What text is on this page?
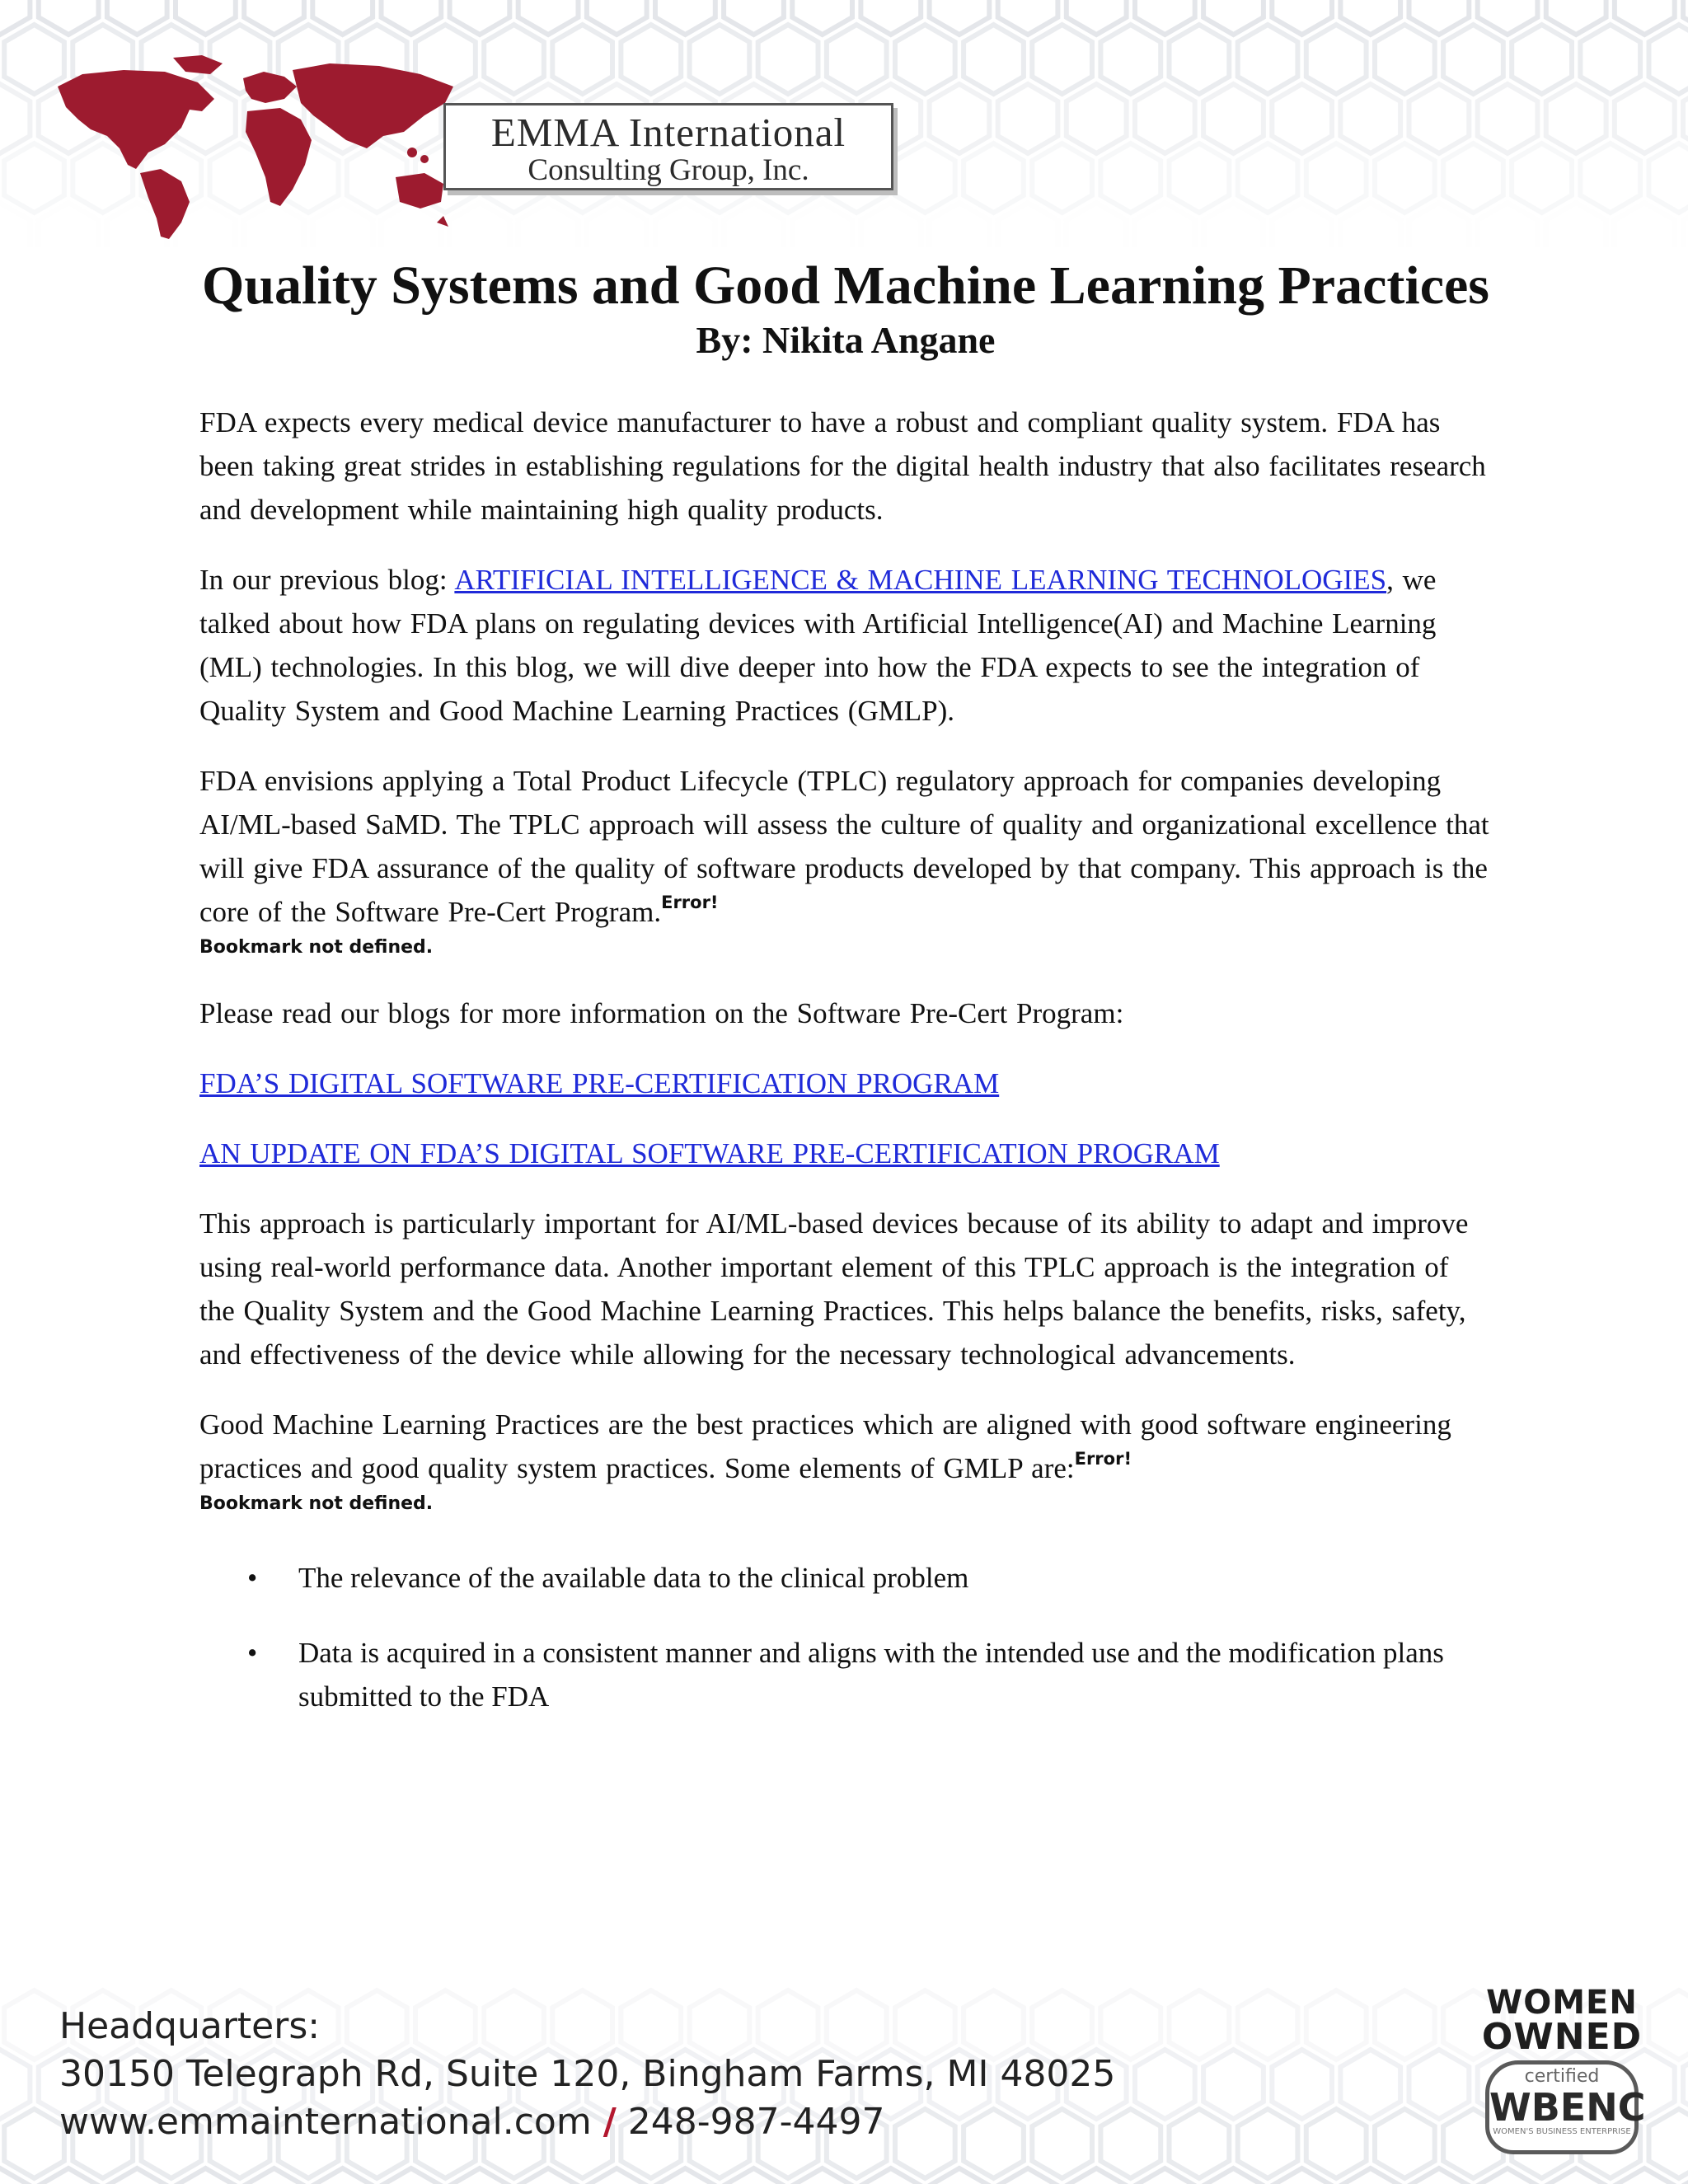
EMMA International
Consulting Group, Inc.
Quality Systems and Good Machine Learning Practices
By: Nikita Angane

FDA expects every medical device manufacturer to have a robust and compliant quality system. FDA has been taking great strides in establishing regulations for the digital health industry that also facilitates research and development while maintaining high quality products.

In our previous blog: ARTIFICIAL INTELLIGENCE & MACHINE LEARNING TECHNOLOGIES, we talked about how FDA plans on regulating devices with Artificial Intelligence(AI) and Machine Learning (ML) technologies. In this blog, we will dive deeper into how the FDA expects to see the integration of Quality System and Good Machine Learning Practices (GMLP).

FDA envisions applying a Total Product Lifecycle (TPLC) regulatory approach for companies developing AI/ML-based SaMD. The TPLC approach will assess the culture of quality and organizational excellence that will give FDA assurance of the quality of software products developed by that company. This approach is the core of the Software Pre-Cert Program.$^{Error!}$

Bookmark not defined.

Please read our blogs for more information on the Software Pre-Cert Program:

FDA’S DIGITAL SOFTWARE PRE-CERTIFICATION PROGRAM

AN UPDATE ON FDA’S DIGITAL SOFTWARE PRE-CERTIFICATION PROGRAM

This approach is particularly important for AI/ML-based devices because of its ability to adapt and improve using real-world performance data. Another important element of this TPLC approach is the integration of the Quality System and the Good Machine Learning Practices. This helps balance the benefits, risks, safety, and effectiveness of the device while allowing for the necessary technological advancements.

Good Machine Learning Practices are the best practices which are aligned with good software engineering practices and good quality system practices. Some elements of GMLP are:$^{Error!}$

Bookmark not defined.
• The relevance of the available data to the clinical problem
• Data is acquired in a consistent manner and aligns with the intended use and the modification plans submitted to the FDA
Headquarters:
30150 Telegraph Rd, Suite 120, Bingham Farms, MI 48025
www.emmainternational.com / 248-987-4497
WOMEN
OWNED
certified
WBENC
WOMEN'S BUSINESS ENTERPRISE
